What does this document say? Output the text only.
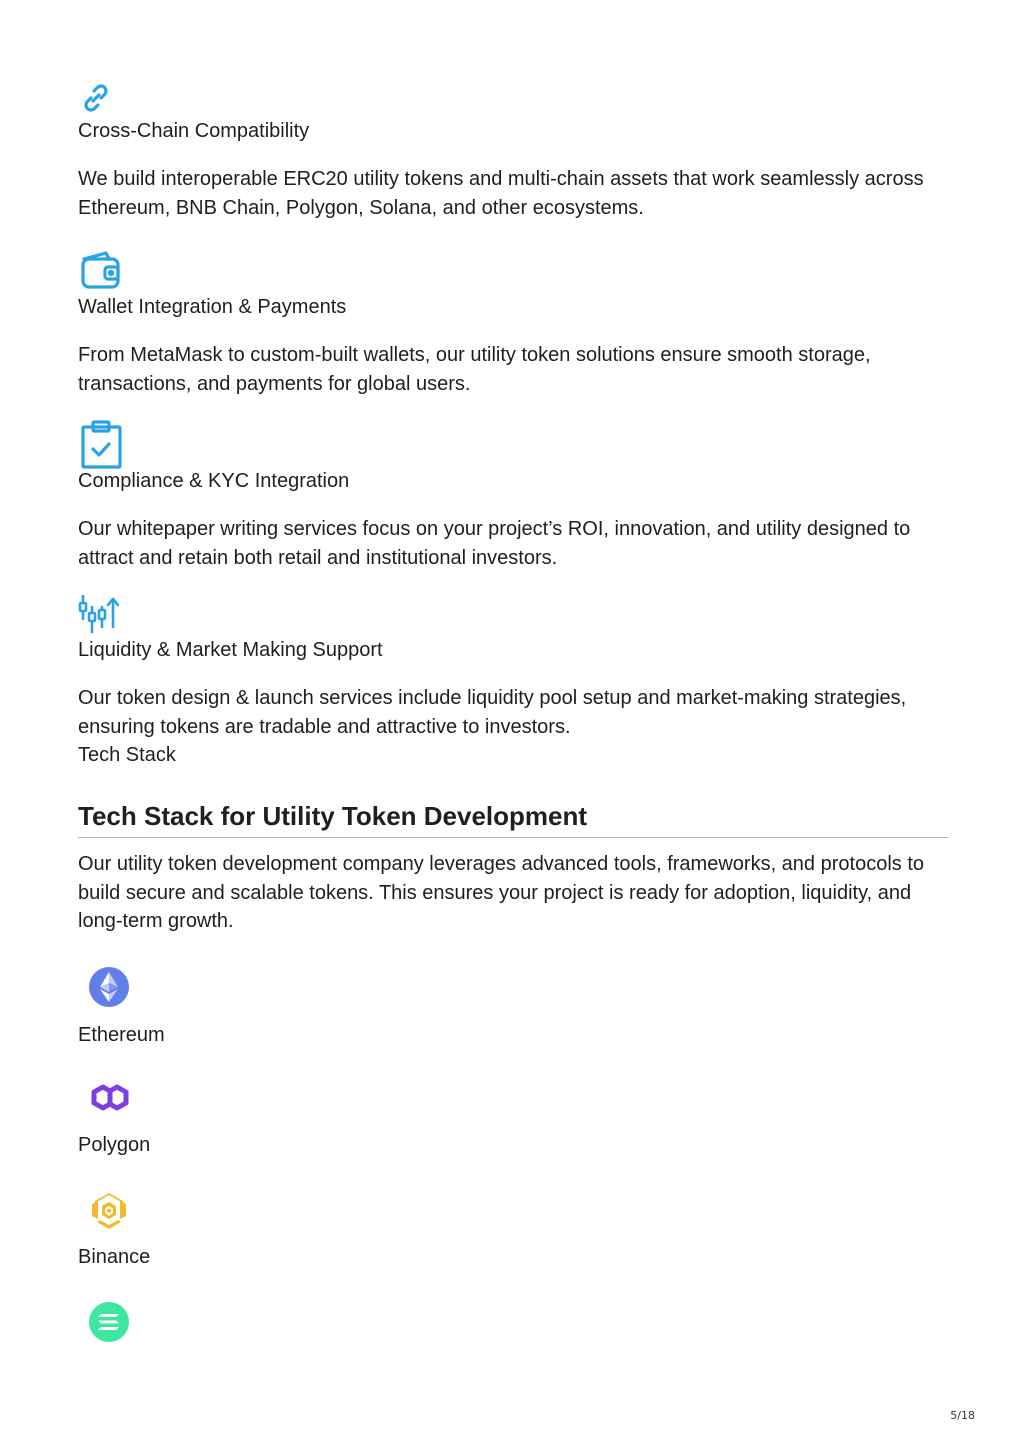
Cross-Chain Compatibility

We build interoperable ERC20 utility tokens and multi-chain assets that work seamlessly across Ethereum, BNB Chain, Polygon, Solana, and other ecosystems.

Wallet Integration & Payments

From MetaMask to custom-built wallets, our utility token solutions ensure smooth storage, transactions, and payments for global users.

Compliance & KYC Integration

Our whitepaper writing services focus on your project’s ROI, innovation, and utility designed to attract and retain both retail and institutional investors.

Liquidity & Market Making Support

Our token design & launch services include liquidity pool setup and market-making strategies, ensuring tokens are tradable and attractive to investors.

Tech Stack

Tech Stack for Utility Token Development

Our utility token development company leverages advanced tools, frameworks, and protocols to build secure and scalable tokens. This ensures your project is ready for adoption, liquidity, and long-term growth.

Ethereum

Polygon

Binance

5/18
